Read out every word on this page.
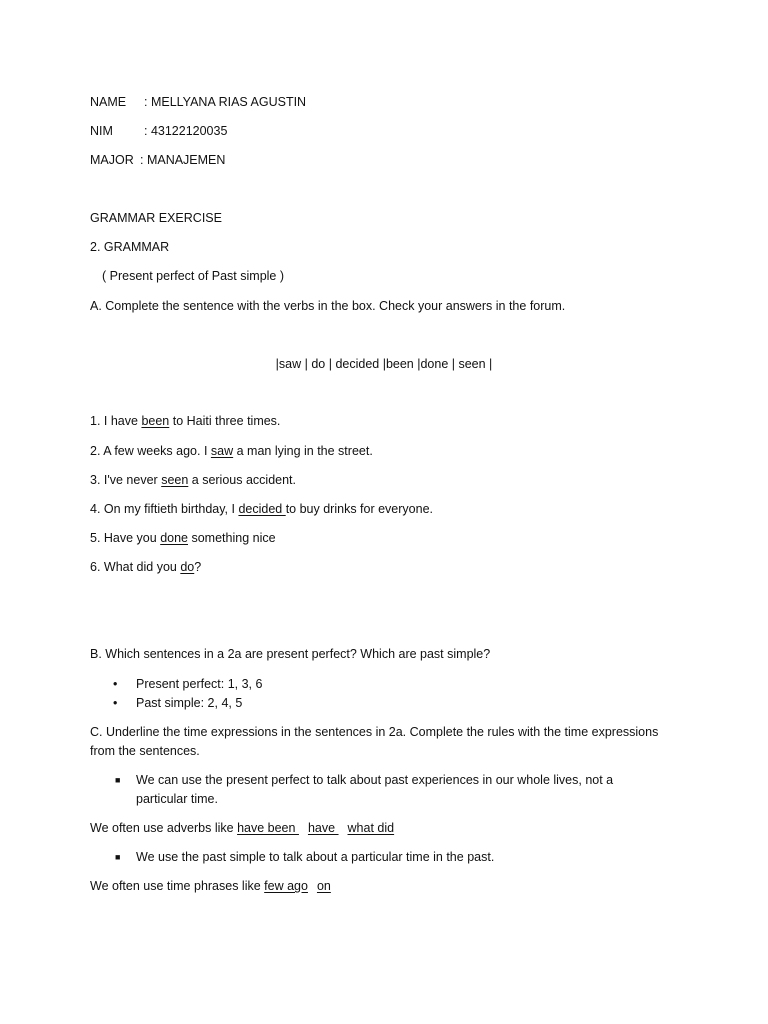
NAME : MELLYANA RIAS AGUSTIN
NIM : 43122120035
MAJOR : MANAJEMEN
GRAMMAR EXERCISE
2. GRAMMAR
( Present perfect of Past simple )
A. Complete the sentence with the verbs in the box. Check your answers in the forum.
|saw | do | decided |been |done | seen |
1. I have been to Haiti three times.
2. A few weeks ago. I saw a man lying in the street.
3. I've never seen a serious accident.
4. On my fiftieth birthday, I decided to buy drinks for everyone.
5. Have you done something nice
6. What did you do?
B. Which sentences in a 2a are present perfect? Which are past simple?
• Present perfect: 1, 3, 6
• Past simple: 2, 4, 5
C. Underline the time expressions in the sentences in 2a. Complete the rules with the time expressions
from the sentences.
■ We can use the present perfect to talk about past experiences in our whole lives, not a
particular time.
We often use adverbs like have been have what did
■ We use the past simple to talk about a particular time in the past.
We often use time phrases like few ago on
